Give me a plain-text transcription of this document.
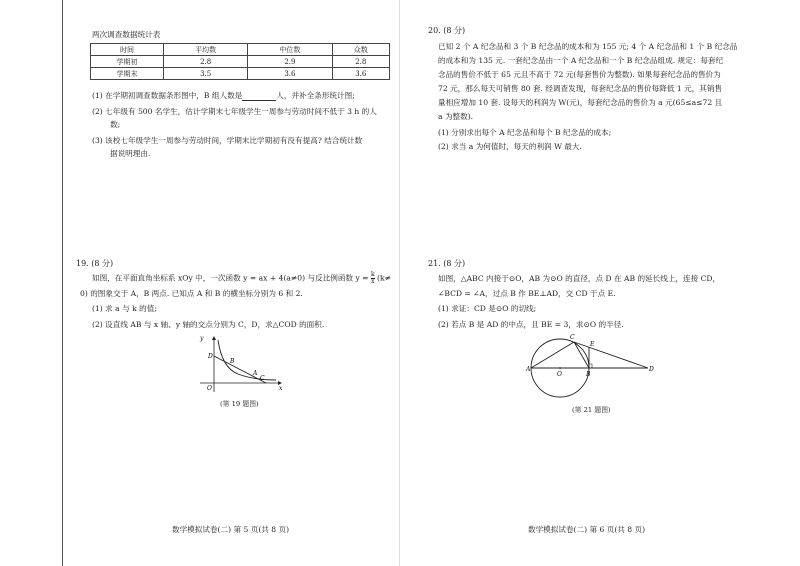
两次调查数据统计表
时间	平均数	中位数	众数
学期初	2.8	2.9	2.8
学期末	3.5	3.6	3.6
(1) 在学期初调查数据条形图中，B 组人数是	人，并补全条形统计图;
(2) 七年级有 500 名学生，估计学期末七年级学生一周参与劳动时间不低于 3 h 的人
数;
(3) 该校七年级学生一周参与劳动时间，学期末比学期初有没有提高? 结合统计数
据说明理由.
19. (8 分)
如图，在平面直角坐标系 xOy 中，一次函数 y = ax + 4(a≠0) 与反比例函数 $y = \frac{k}{x} (k\ne$
0) 的图象交于 A，B 两点. 已知点 A 和 B 的横坐标分别为 6 和 2.
(1) 求 a 与 k 的值;
(2) 设直线 AB 与 x 轴、y 轴的交点分别为 C，D，求△COD 的面积.
y
x
O
D
B
A
C
(第 19 题图)
数学模拟试卷(二) 第 5 页(共 8 页)
20. (8 分)
已知 2 个 A 纪念品和 3 个 B 纪念品的成本和为 155 元; 4 个 A 纪念品和 1 个 B 纪念品
的成本和为 135 元. 一套纪念品由一个 A 纪念品和一个 B 纪念品组成. 规定：每套纪
念品的售价不低于 65 元且不高于 72 元(每套售价为整数). 如果每套纪念品的售价为
72 元，那么每天可销售 80 套. 经调查发现，每套纪念品的售价每降低 1 元，其销售
量相应增加 10 套. 设每天的利润为 W(元)，每套纪念品的售价为 a 元(65≤a≤72 且
a 为整数).
(1) 分别求出每个 A 纪念品和每个 B 纪念品的成本;
(2) 求当 a 为何值时，每天的利润 W 最大.
21. (8 分)
如图，△ABC 内接于⊙O，AB 为⊙O 的直径，点 D 在 AB 的延长线上，连接 CD，
∠BCD = ∠A，过点 B 作 BE⊥AD，交 CD 于点 E.
(1) 求证：CD 是⊙O 的切线;
(2) 若点 B 是 AD 的中点，且 BE = 3，求⊙O 的半径.
A
O	B
C
E
D
(第 21 题图)
数学模拟试卷(二) 第 6 页(共 8 页)
